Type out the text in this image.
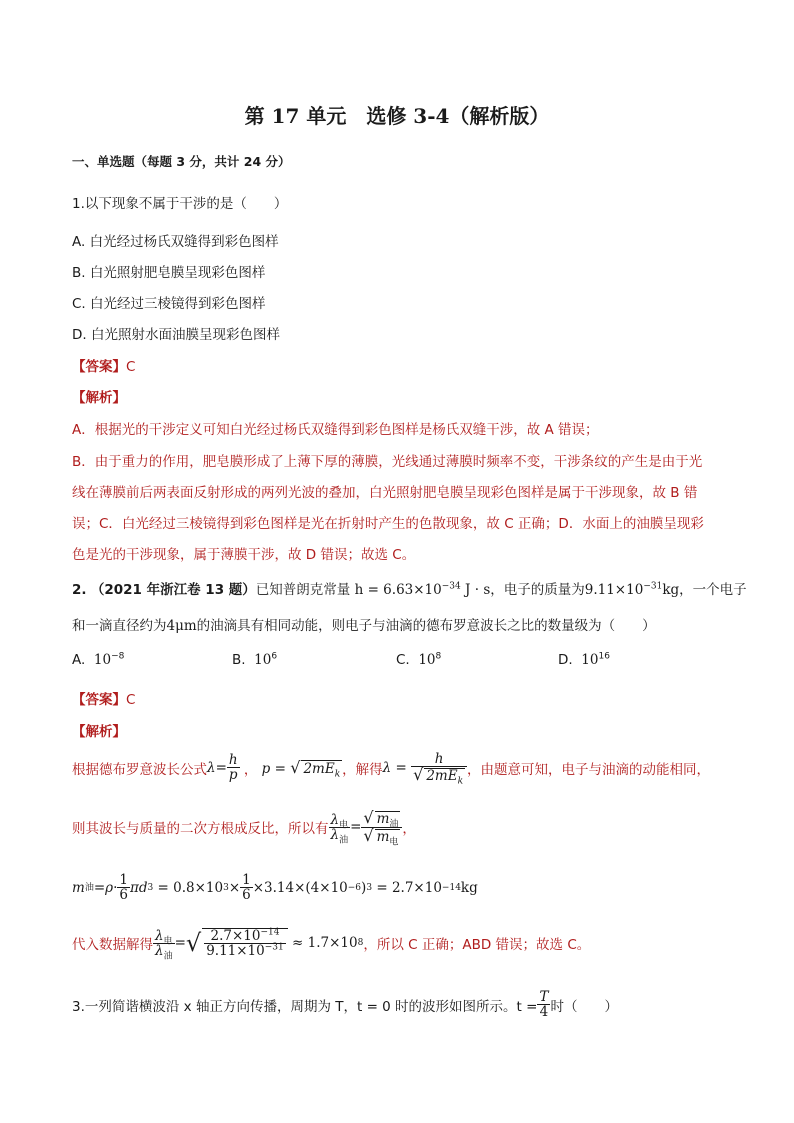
第 17 单元　选修 3-4（解析版）
一、单选题（每题 3 分，共计 24 分）
1.以下现象不属于干涉的是（　　）
A. 白光经过杨氏双缝得到彩色图样
B. 白光照射肥皂膜呈现彩色图样
C. 白光经过三棱镜得到彩色图样
D. 白光照射水面油膜呈现彩色图样
【答案】C
【解析】
A．根据光的干涉定义可知白光经过杨氏双缝得到彩色图样是杨氏双缝干涉，故 A 错误；
B．由于重力的作用，肥皂膜形成了上薄下厚的薄膜，光线通过薄膜时频率不变，干涉条纹的产生是由于光
线在薄膜前后两表面反射形成的两列光波的叠加，白光照射肥皂膜呈现彩色图样是属于干涉现象，故 B 错
误；C．白光经过三棱镜得到彩色图样是光在折射时产生的色散现象，故 C 正确；D．水面上的油膜呈现彩
色是光的干涉现象，属于薄膜干涉，故 D 错误；故选 C。
2. （2021 年浙江卷 13 题）已知普朗克常量 $h = 6.63\times 10^{-34}$ J · s，电子的质量为$9.11\times 10^{-31}kg$，一个电子
和一滴直径约为4μm的油滴具有相同动能，则电子与油滴的德布罗意波长之比的数量级为（　　）
A. $10^{-8}$	B. $10^6$	C. $10^8$	D. $10^{16}$
【答案】C
【解析】
根据德布罗意波长公式 $\lambda = \frac{h}{p}$ ， p = √ $2mE_k$ ，解得 $\lambda = \frac{h}{√ 2mE_k}$ ，由题意可知，电子与油滴的动能相同，
则其波长与质量的二次方根成反比，所以有 $\frac{\lambda_电}{\lambda_油} = \frac{√ m_油}{√ m_电}$ ，
m 油 = $\rho \cdot \frac{1}{6}$ πd 3
= 0.8×10 $3 \times \frac{1}{6} \times 3.14\times (4\times 10 -6$ ) 3
= 2.7×10 −14 kg
代入数据解得 $\frac{\lambda_电}{\lambda_油}$ = √ $\frac{2.7\times 10^{-14}}{9.11\times 10^{-31}}$
≈ 1.7×10 8 ，所以 C 正确；ABD 错误；故选 C。
3.一列简谐横波沿 x 轴正方向传播，周期为 T，t = 0 时的波形如图所示。$t = \frac{T}{4}$ 时（　　）
